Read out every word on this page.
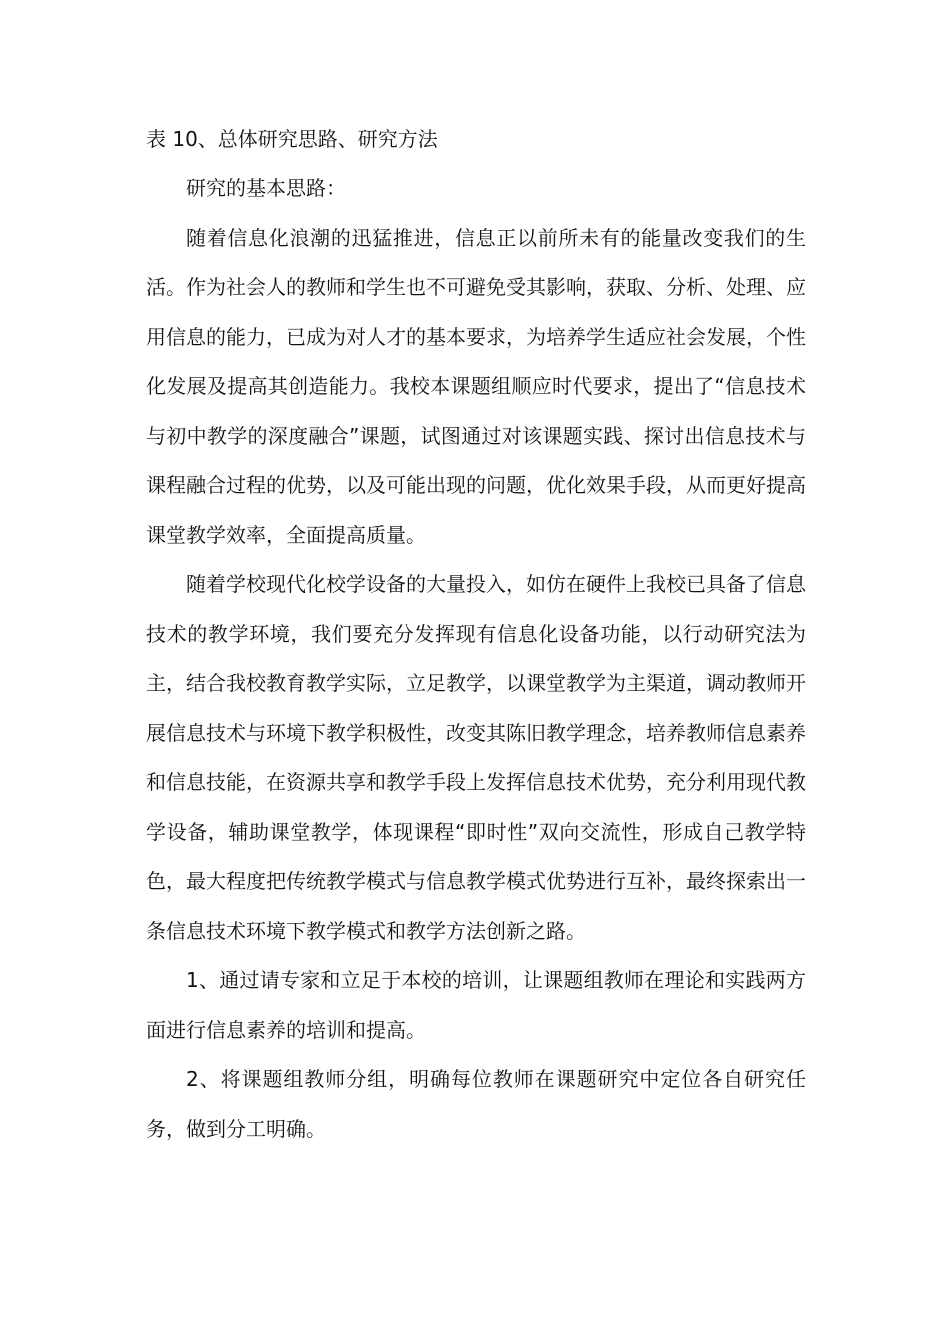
表 10、总体研究思路、研究方法

研究的基本思路：

随着信息化浪潮的迅猛推进，信息正以前所未有的能量改变我们的生活。作为社会人的教师和学生也不可避免受其影响，获取、分析、处理、应用信息的能力，已成为对人才的基本要求，为培养学生适应社会发展，个性化发展及提高其创造能力。我校本课题组顺应时代要求，提出了“信息技术与初中教学的深度融合”课题，试图通过对该课题实践、探讨出信息技术与课程融合过程的优势，以及可能出现的问题，优化效果手段，从而更好提高课堂教学效率，全面提高质量。

随着学校现代化校学设备的大量投入，如仿在硬件上我校已具备了信息技术的教学环境，我们要充分发挥现有信息化设备功能，以行动研究法为主，结合我校教育教学实际，立足教学，以课堂教学为主渠道，调动教师开展信息技术与环境下教学积极性，改变其陈旧教学理念，培养教师信息素养和信息技能，在资源共享和教学手段上发挥信息技术优势，充分利用现代教学设备，辅助课堂教学，体现课程“即时性”双向交流性，形成自己教学特色，最大程度把传统教学模式与信息教学模式优势进行互补，最终探索出一条信息技术环境下教学模式和教学方法创新之路。

1、通过请专家和立足于本校的培训，让课题组教师在理论和实践两方面进行信息素养的培训和提高。

2、将课题组教师分组，明确每位教师在课题研究中定位各自研究任务，做到分工明确。
